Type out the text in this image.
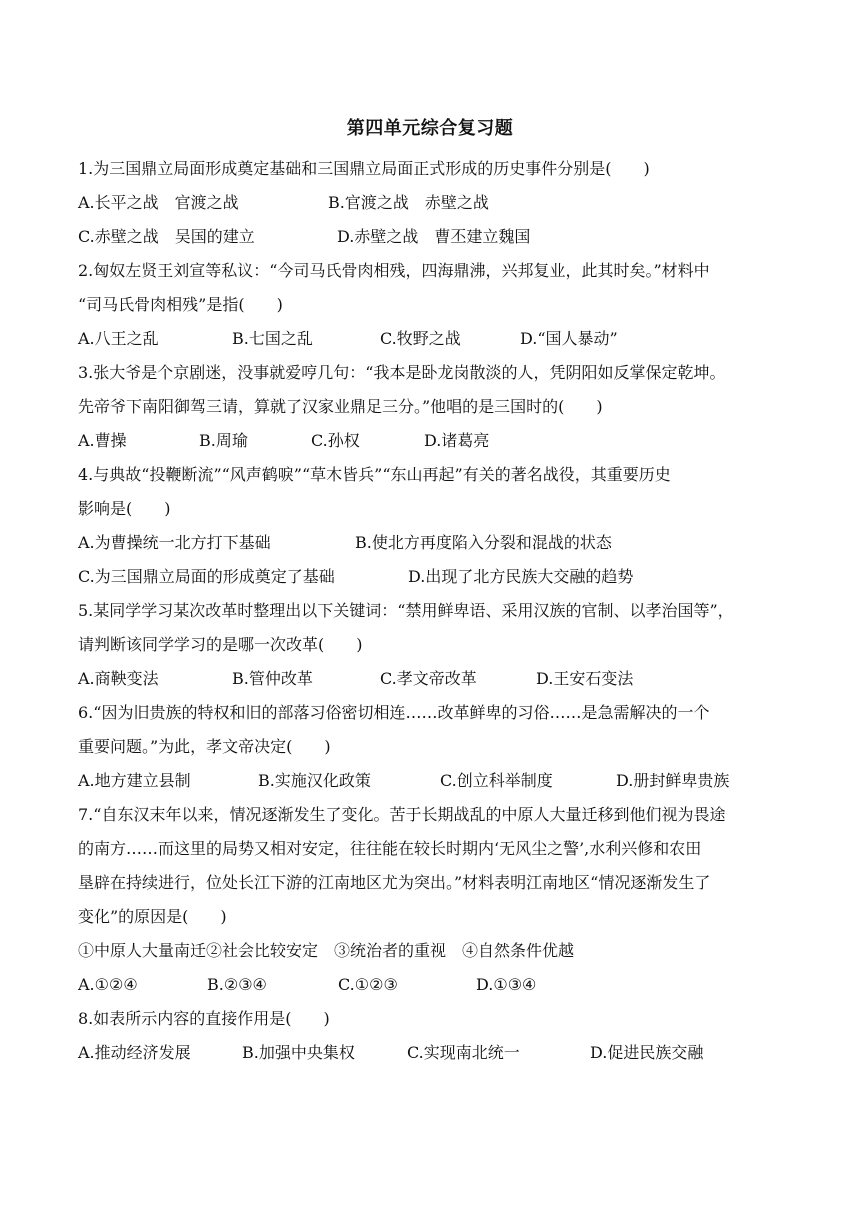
第四单元综合复习题
1.为三国鼎立局面形成奠定基础和三国鼎立局面正式形成的历史事件分别是(　　)
A.长平之战　官渡之战	B.官渡之战　赤壁之战
C.赤壁之战　吴国的建立	D.赤壁之战　曹丕建立魏国
2.匈奴左贤王刘宣等私议：“今司马氏骨肉相残，四海鼎沸，兴邦复业，此其时矣。”材料中
“司马氏骨肉相残”是指(　　)
A.八王之乱	B.七国之乱	C.牧野之战	D.“国人暴动”
3.张大爷是个京剧迷，没事就爱哼几句：“我本是卧龙岗散淡的人，凭阴阳如反掌保定乾坤。
先帝爷下南阳御驾三请，算就了汉家业鼎足三分。”他唱的是三国时的(　　)
A.曹操	B.周瑜	C.孙权	D.诸葛亮
4.与典故“投鞭断流”“风声鹤唳”“草木皆兵”“东山再起”有关的著名战役，其重要历史
影响是(　　)
A.为曹操统一北方打下基础	B.使北方再度陷入分裂和混战的状态
C.为三国鼎立局面的形成奠定了基础	D.出现了北方民族大交融的趋势
5.某同学学习某次改革时整理出以下关键词：“禁用鲜卑语、采用汉族的官制、以孝治国等”，
请判断该同学学习的是哪一次改革(　　)
A.商鞅变法	B.管仲改革	C.孝文帝改革	D.王安石变法
6.“因为旧贵族的特权和旧的部落习俗密切相连……改革鲜卑的习俗……是急需解决的一个
重要问题。”为此，孝文帝决定(　　)
A.地方建立县制	B.实施汉化政策	C.创立科举制度	D.册封鲜卑贵族
7.“自东汉末年以来，情况逐渐发生了变化。苦于长期战乱的中原人大量迁移到他们视为畏途
的南方……而这里的局势又相对安定，往往能在较长时期内‘无风尘之警’,水利兴修和农田
垦辟在持续进行，位处长江下游的江南地区尤为突出。”材料表明江南地区“情况逐渐发生了
变化”的原因是(　　)
①中原人大量南迁②社会比较安定　③统治者的重视　④自然条件优越
A.①②④	B.②③④	C.①②③	D.①③④
8.如表所示内容的直接作用是(　　)
A.推动经济发展	B.加强中央集权	C.实现南北统一	D.促进民族交融
